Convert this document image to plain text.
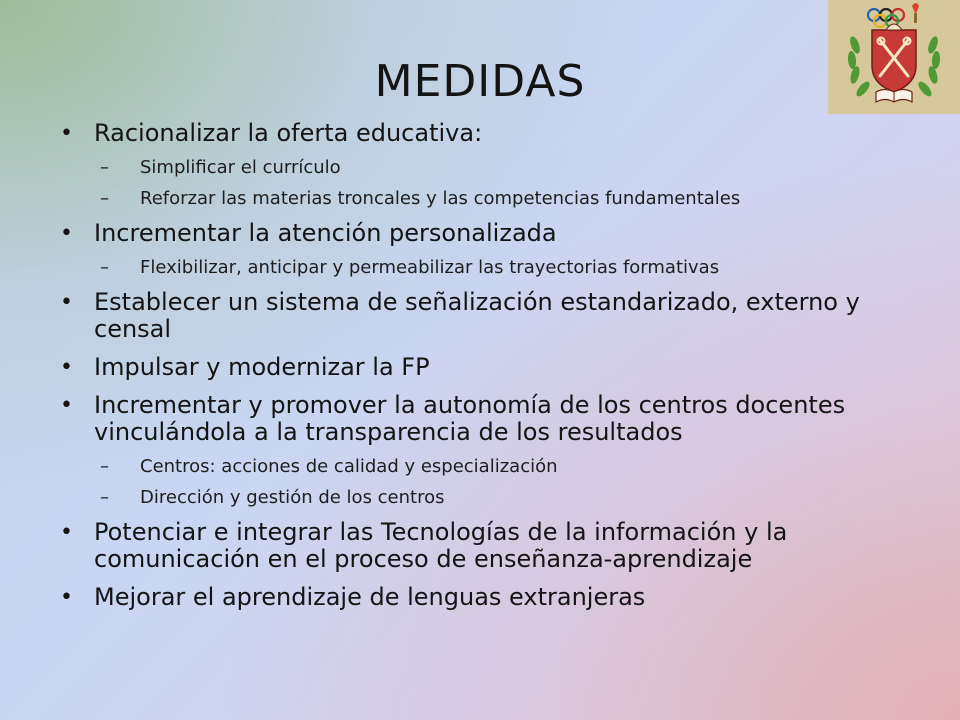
MEDIDAS
• Racionalizar la oferta educativa:
– Simplificar el currículo
– Reforzar las materias troncales y las competencias fundamentales
• Incrementar la atención personalizada
– Flexibilizar, anticipar y permeabilizar las trayectorias formativas
• Establecer un sistema de señalización estandarizado, externo y censal
• Impulsar y modernizar la FP
• Incrementar y promover la autonomía de los centros docentes vinculándola a la transparencia de los resultados
– Centros: acciones de calidad y especialización
– Dirección y gestión de los centros
• Potenciar e integrar las Tecnologías de la información y la comunicación en el proceso de enseñanza-aprendizaje
• Mejorar el aprendizaje de lenguas extranjeras
